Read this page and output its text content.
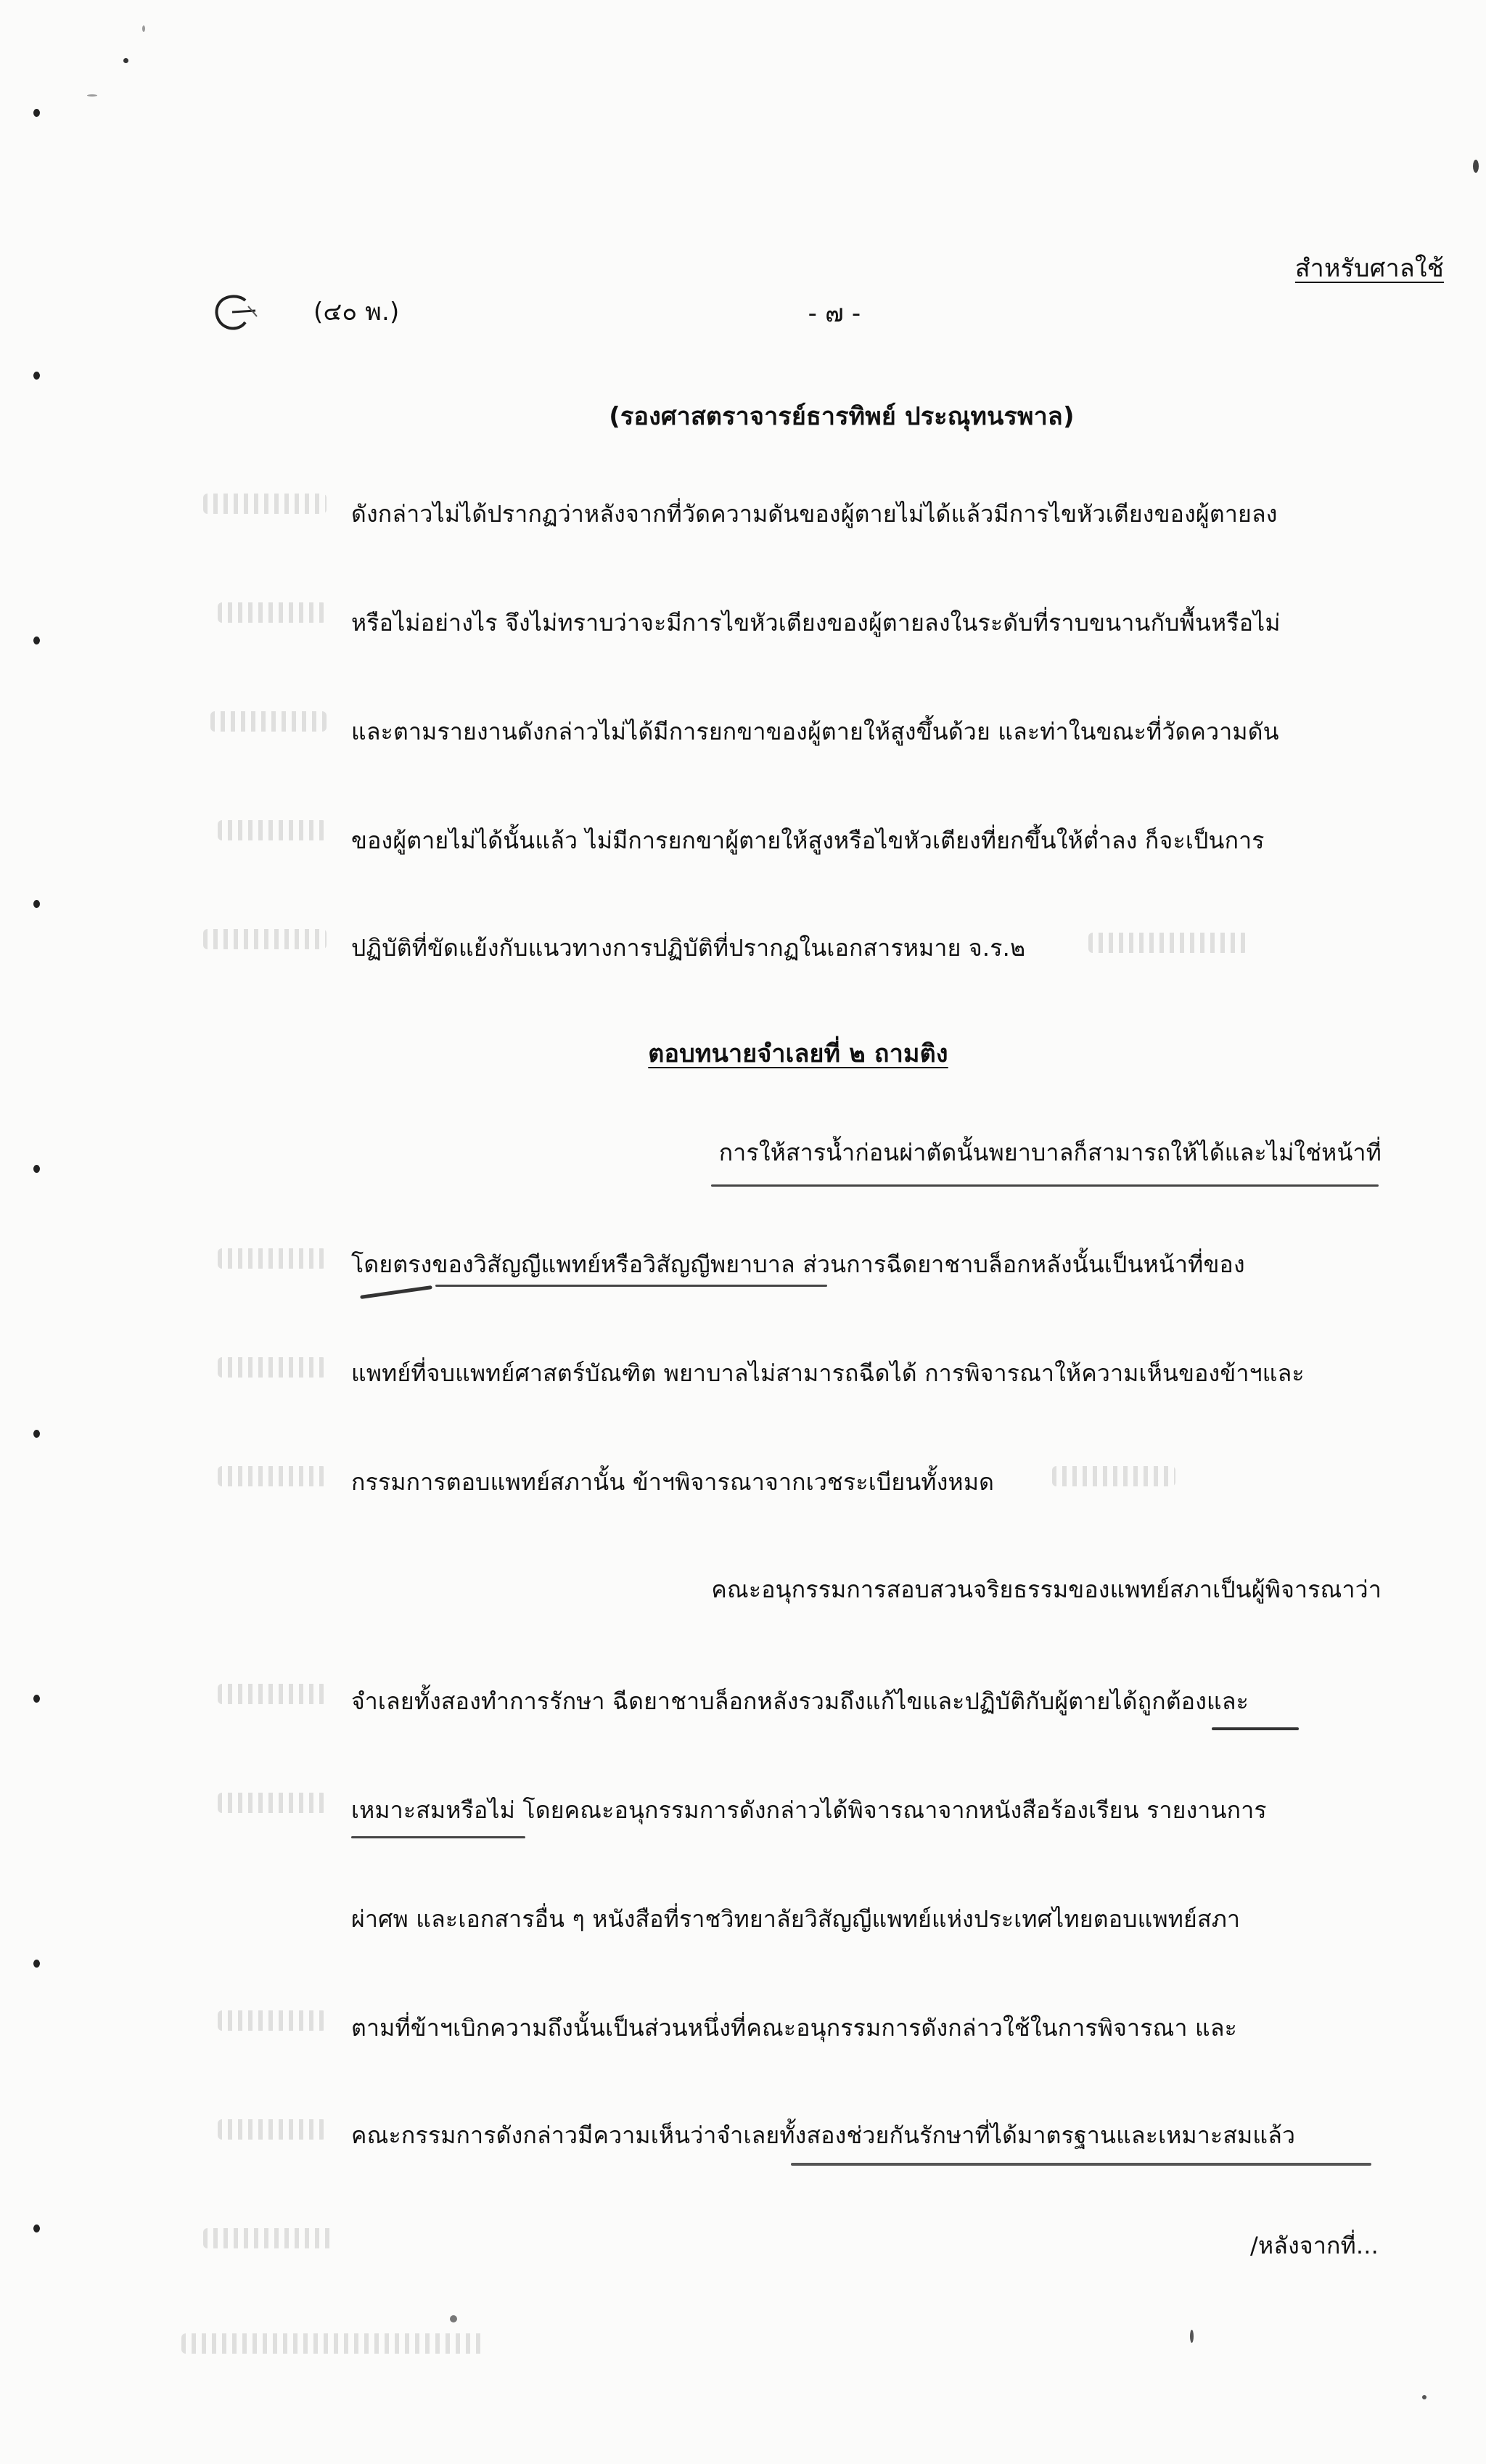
สำหรับศาลใช้
(๔๐ พ.)	- ๗ -
(รองศาสตราจารย์ธารทิพย์ ประณุทนรพาล)
ดังกล่าวไม่ได้ปรากฏว่าหลังจากที่วัดความดันของผู้ตายไม่ได้แล้วมีการไขหัวเตียงของผู้ตายลง
หรือไม่อย่างไร จึงไม่ทราบว่าจะมีการไขหัวเตียงของผู้ตายลงในระดับที่ราบขนานกับพื้นหรือไม่
และตามรายงานดังกล่าวไม่ได้มีการยกขาของผู้ตายให้สูงขึ้นด้วย และท่าในขณะที่วัดความดัน
ของผู้ตายไม่ได้นั้นแล้ว ไม่มีการยกขาผู้ตายให้สูงหรือไขหัวเตียงที่ยกขึ้นให้ต่ำลง ก็จะเป็นการ
ปฏิบัติที่ขัดแย้งกับแนวทางการปฏิบัติที่ปรากฏในเอกสารหมาย จ.ร.๒
ตอบทนายจำเลยที่ ๒ ถามติง
การให้สารน้ำก่อนผ่าตัดนั้นพยาบาลก็สามารถให้ได้และไม่ใช่หน้าที่
โดยตรงของวิสัญญีแพทย์หรือวิสัญญีพยาบาล ส่วนการฉีดยาชาบล็อกหลังนั้นเป็นหน้าที่ของ
แพทย์ที่จบแพทย์ศาสตร์บัณฑิต พยาบาลไม่สามารถฉีดได้ การพิจารณาให้ความเห็นของข้าฯและ
กรรมการตอบแพทย์สภานั้น ข้าฯพิจารณาจากเวชระเบียนทั้งหมด
คณะอนุกรรมการสอบสวนจริยธรรมของแพทย์สภาเป็นผู้พิจารณาว่า
จำเลยทั้งสองทำการรักษา ฉีดยาชาบล็อกหลังรวมถึงแก้ไขและปฏิบัติกับผู้ตายได้ถูกต้องและ
เหมาะสมหรือไม่ โดยคณะอนุกรรมการดังกล่าวได้พิจารณาจากหนังสือร้องเรียน รายงานการ
ผ่าศพ และเอกสารอื่น ๆ หนังสือที่ราชวิทยาลัยวิสัญญีแพทย์แห่งประเทศไทยตอบแพทย์สภา
ตามที่ข้าฯเบิกความถึงนั้นเป็นส่วนหนึ่งที่คณะอนุกรรมการดังกล่าวใช้ในการพิจารณา และ
คณะกรรมการดังกล่าวมีความเห็นว่าจำเลยทั้งสองช่วยกันรักษาที่ได้มาตรฐานและเหมาะสมแล้ว
/หลังจากที่...
